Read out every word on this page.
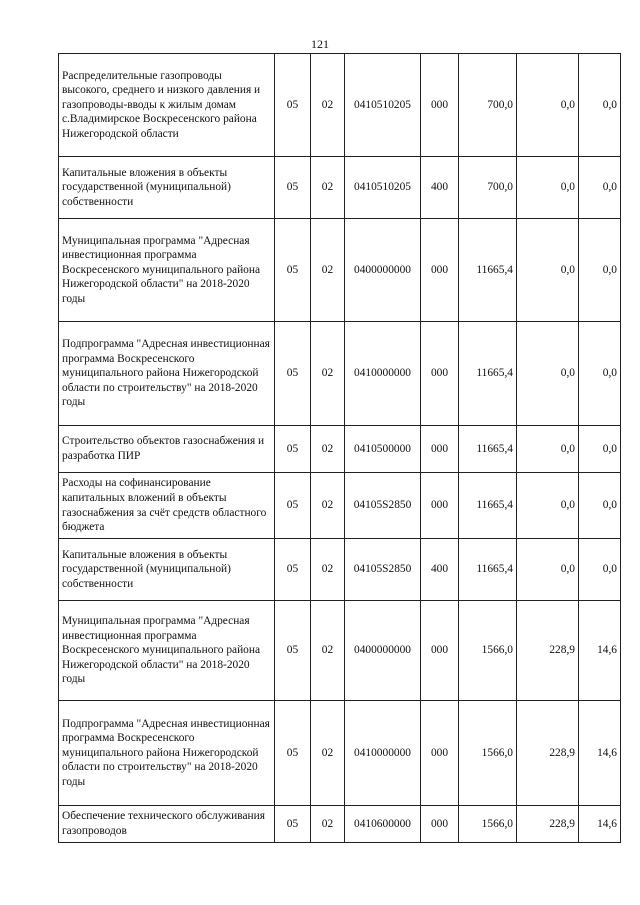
121
Распределительные газопроводы высокого, среднего и низкого давления и газопроводы-вводы к жилым домам с.Владимирское Воскресенского района Нижегородской области	05	02	0410510205	000	700,0	0,0	0,0
Капитальные вложения в объекты государственной (муниципальной) собственности	05	02	0410510205	400	700,0	0,0	0,0
Муниципальная программа "Адресная инвестиционная программа Воскресенского муниципального района Нижегородской области" на 2018-2020 годы	05	02	0400000000	000	11665,4	0,0	0,0
Подпрограмма "Адресная инвестиционная программа Воскресенского муниципального района Нижегородской области по строительству" на 2018-2020 годы	05	02	0410000000	000	11665,4	0,0	0,0
Строительство объектов газоснабжения и разработка ПИР	05	02	0410500000	000	11665,4	0,0	0,0
Расходы на софинансирование капитальных вложений в объекты газоснабжения за счёт средств областного бюджета	05	02	04105S2850	000	11665,4	0,0	0,0
Капитальные вложения в объекты государственной (муниципальной) собственности	05	02	04105S2850	400	11665,4	0,0	0,0
Муниципальная программа "Адресная инвестиционная программа Воскресенского муниципального района Нижегородской области" на 2018-2020 годы	05	02	0400000000	000	1566,0	228,9	14,6
Подпрограмма "Адресная инвестиционная программа Воскресенского муниципального района Нижегородской области по строительству" на 2018-2020 годы	05	02	0410000000	000	1566,0	228,9	14,6
Обеспечение технического обслуживания газопроводов	05	02	0410600000	000	1566,0	228,9	14,6
